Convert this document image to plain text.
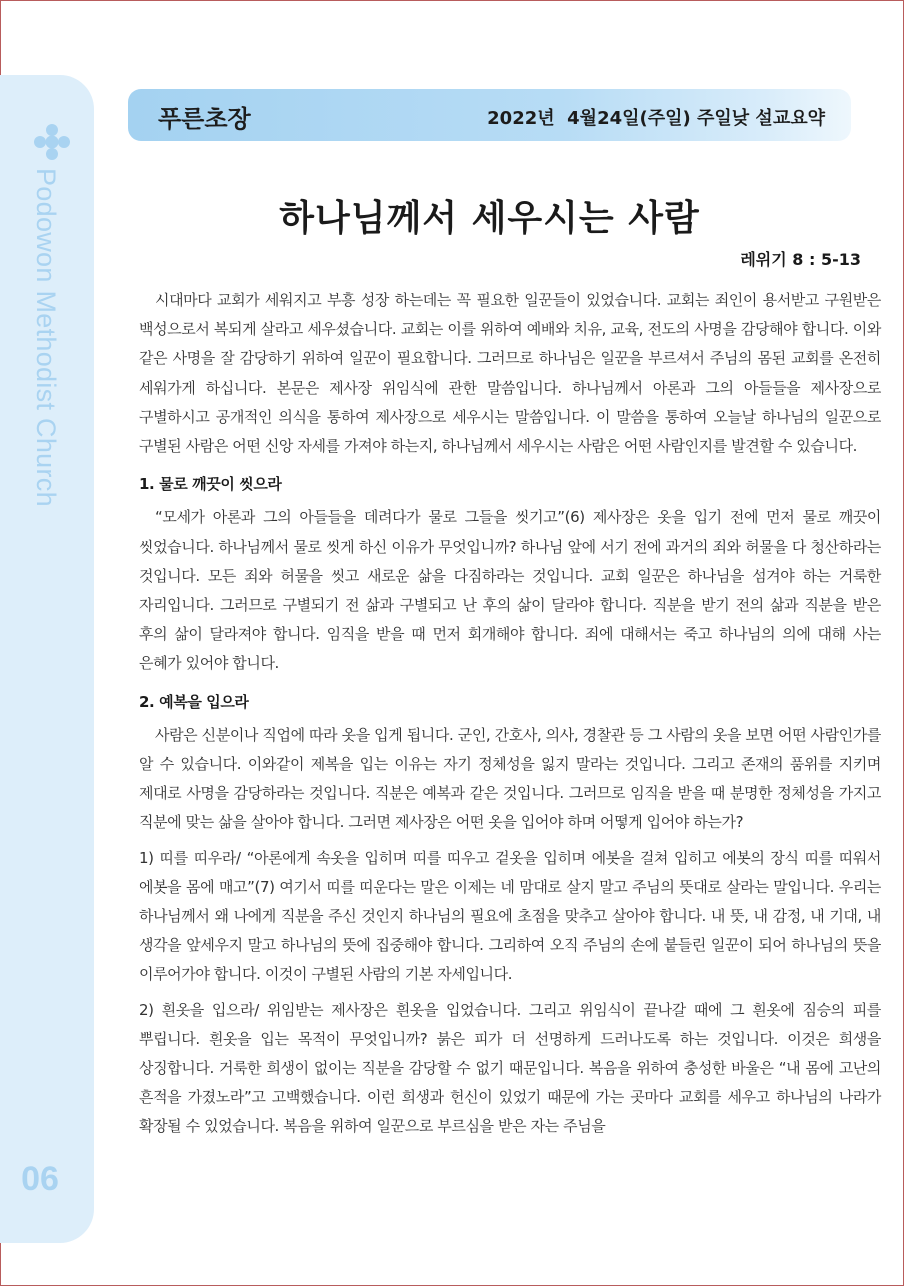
Podowon Methodist Church
06
푸른초장	2022년  4월24일(주일) 주일낮 설교요약
하나님께서 세우시는 사람
레위기 8 : 5-13

시대마다 교회가 세워지고 부흥 성장 하는데는 꼭 필요한 일꾼들이 있었습니다. 교회는 죄인이 용서받고 구원받은 백성으로서 복되게 살라고 세우셨습니다. 교회는 이를 위하여 예배와 치유, 교육, 전도의 사명을 감당해야 합니다. 이와 같은 사명을 잘 감당하기 위하여 일꾼이 필요합니다. 그러므로 하나님은 일꾼을 부르셔서 주님의 몸된 교회를 온전히 세워가게 하십니다. 본문은 제사장 위임식에 관한 말씀입니다. 하나님께서 아론과 그의 아들들을 제사장으로 구별하시고 공개적인 의식을 통하여 제사장으로 세우시는 말씀입니다. 이 말씀을 통하여 오늘날 하나님의 일꾼으로 구별된 사람은 어떤 신앙 자세를 가져야 하는지, 하나님께서 세우시는 사람은 어떤 사람인지를 발견할 수 있습니다.

1. 물로 깨끗이 씻으라

“모세가 아론과 그의 아들들을 데려다가 물로 그들을 씻기고”(6) 제사장은 옷을 입기 전에 먼저 물로 깨끗이 씻었습니다. 하나님께서 물로 씻게 하신 이유가 무엇입니까? 하나님 앞에 서기 전에 과거의 죄와 허물을 다 청산하라는 것입니다. 모든 죄와 허물을 씻고 새로운 삶을 다짐하라는 것입니다. 교회 일꾼은 하나님을 섬겨야 하는 거룩한 자리입니다. 그러므로 구별되기 전 삶과 구별되고 난 후의 삶이 달라야 합니다. 직분을 받기 전의 삶과 직분을 받은 후의 삶이 달라져야 합니다. 임직을 받을 때 먼저 회개해야 합니다. 죄에 대해서는 죽고 하나님의 의에 대해 사는 은혜가 있어야 합니다.

2. 예복을 입으라

사람은 신분이나 직업에 따라 옷을 입게 됩니다. 군인, 간호사, 의사, 경찰관 등 그 사람의 옷을 보면 어떤 사람인가를 알 수 있습니다. 이와같이 제복을 입는 이유는 자기 정체성을 잃지 말라는 것입니다. 그리고 존재의 품위를 지키며 제대로 사명을 감당하라는 것입니다. 직분은 예복과 같은 것입니다. 그러므로 임직을 받을 때 분명한 정체성을 가지고 직분에 맞는 삶을 살아야 합니다. 그러면 제사장은 어떤 옷을 입어야 하며 어떻게 입어야 하는가?

1) 띠를 띠우라/ “아론에게 속옷을 입히며 띠를 띠우고 겉옷을 입히며 에봇을 걸쳐 입히고 에봇의 장식 띠를 띠워서 에봇을 몸에 매고”(7) 여기서 띠를 띠운다는 말은 이제는 네 맘대로 살지 말고 주님의 뜻대로 살라는 말입니다. 우리는 하나님께서 왜 나에게 직분을 주신 것인지 하나님의 필요에 초점을 맞추고 살아야 합니다. 내 뜻, 내 감정, 내 기대, 내 생각을 앞세우지 말고 하나님의 뜻에 집중해야 합니다. 그리하여 오직 주님의 손에 붙들린 일꾼이 되어 하나님의 뜻을 이루어가야 합니다. 이것이 구별된 사람의 기본 자세입니다.

2) 흰옷을 입으라/ 위임받는 제사장은 흰옷을 입었습니다. 그리고 위임식이 끝나갈 때에 그 흰옷에 짐승의 피를 뿌립니다. 흰옷을 입는 목적이 무엇입니까? 붉은 피가 더 선명하게 드러나도록 하는 것입니다. 이것은 희생을 상징합니다. 거룩한 희생이 없이는 직분을 감당할 수 없기 때문입니다. 복음을 위하여 충성한 바울은 “내 몸에 고난의 흔적을 가졌노라”고 고백했습니다. 이런 희생과 헌신이 있었기 때문에 가는 곳마다 교회를 세우고 하나님의 나라가 확장될 수 있었습니다. 복음을 위하여 일꾼으로 부르심을 받은 자는 주님을
